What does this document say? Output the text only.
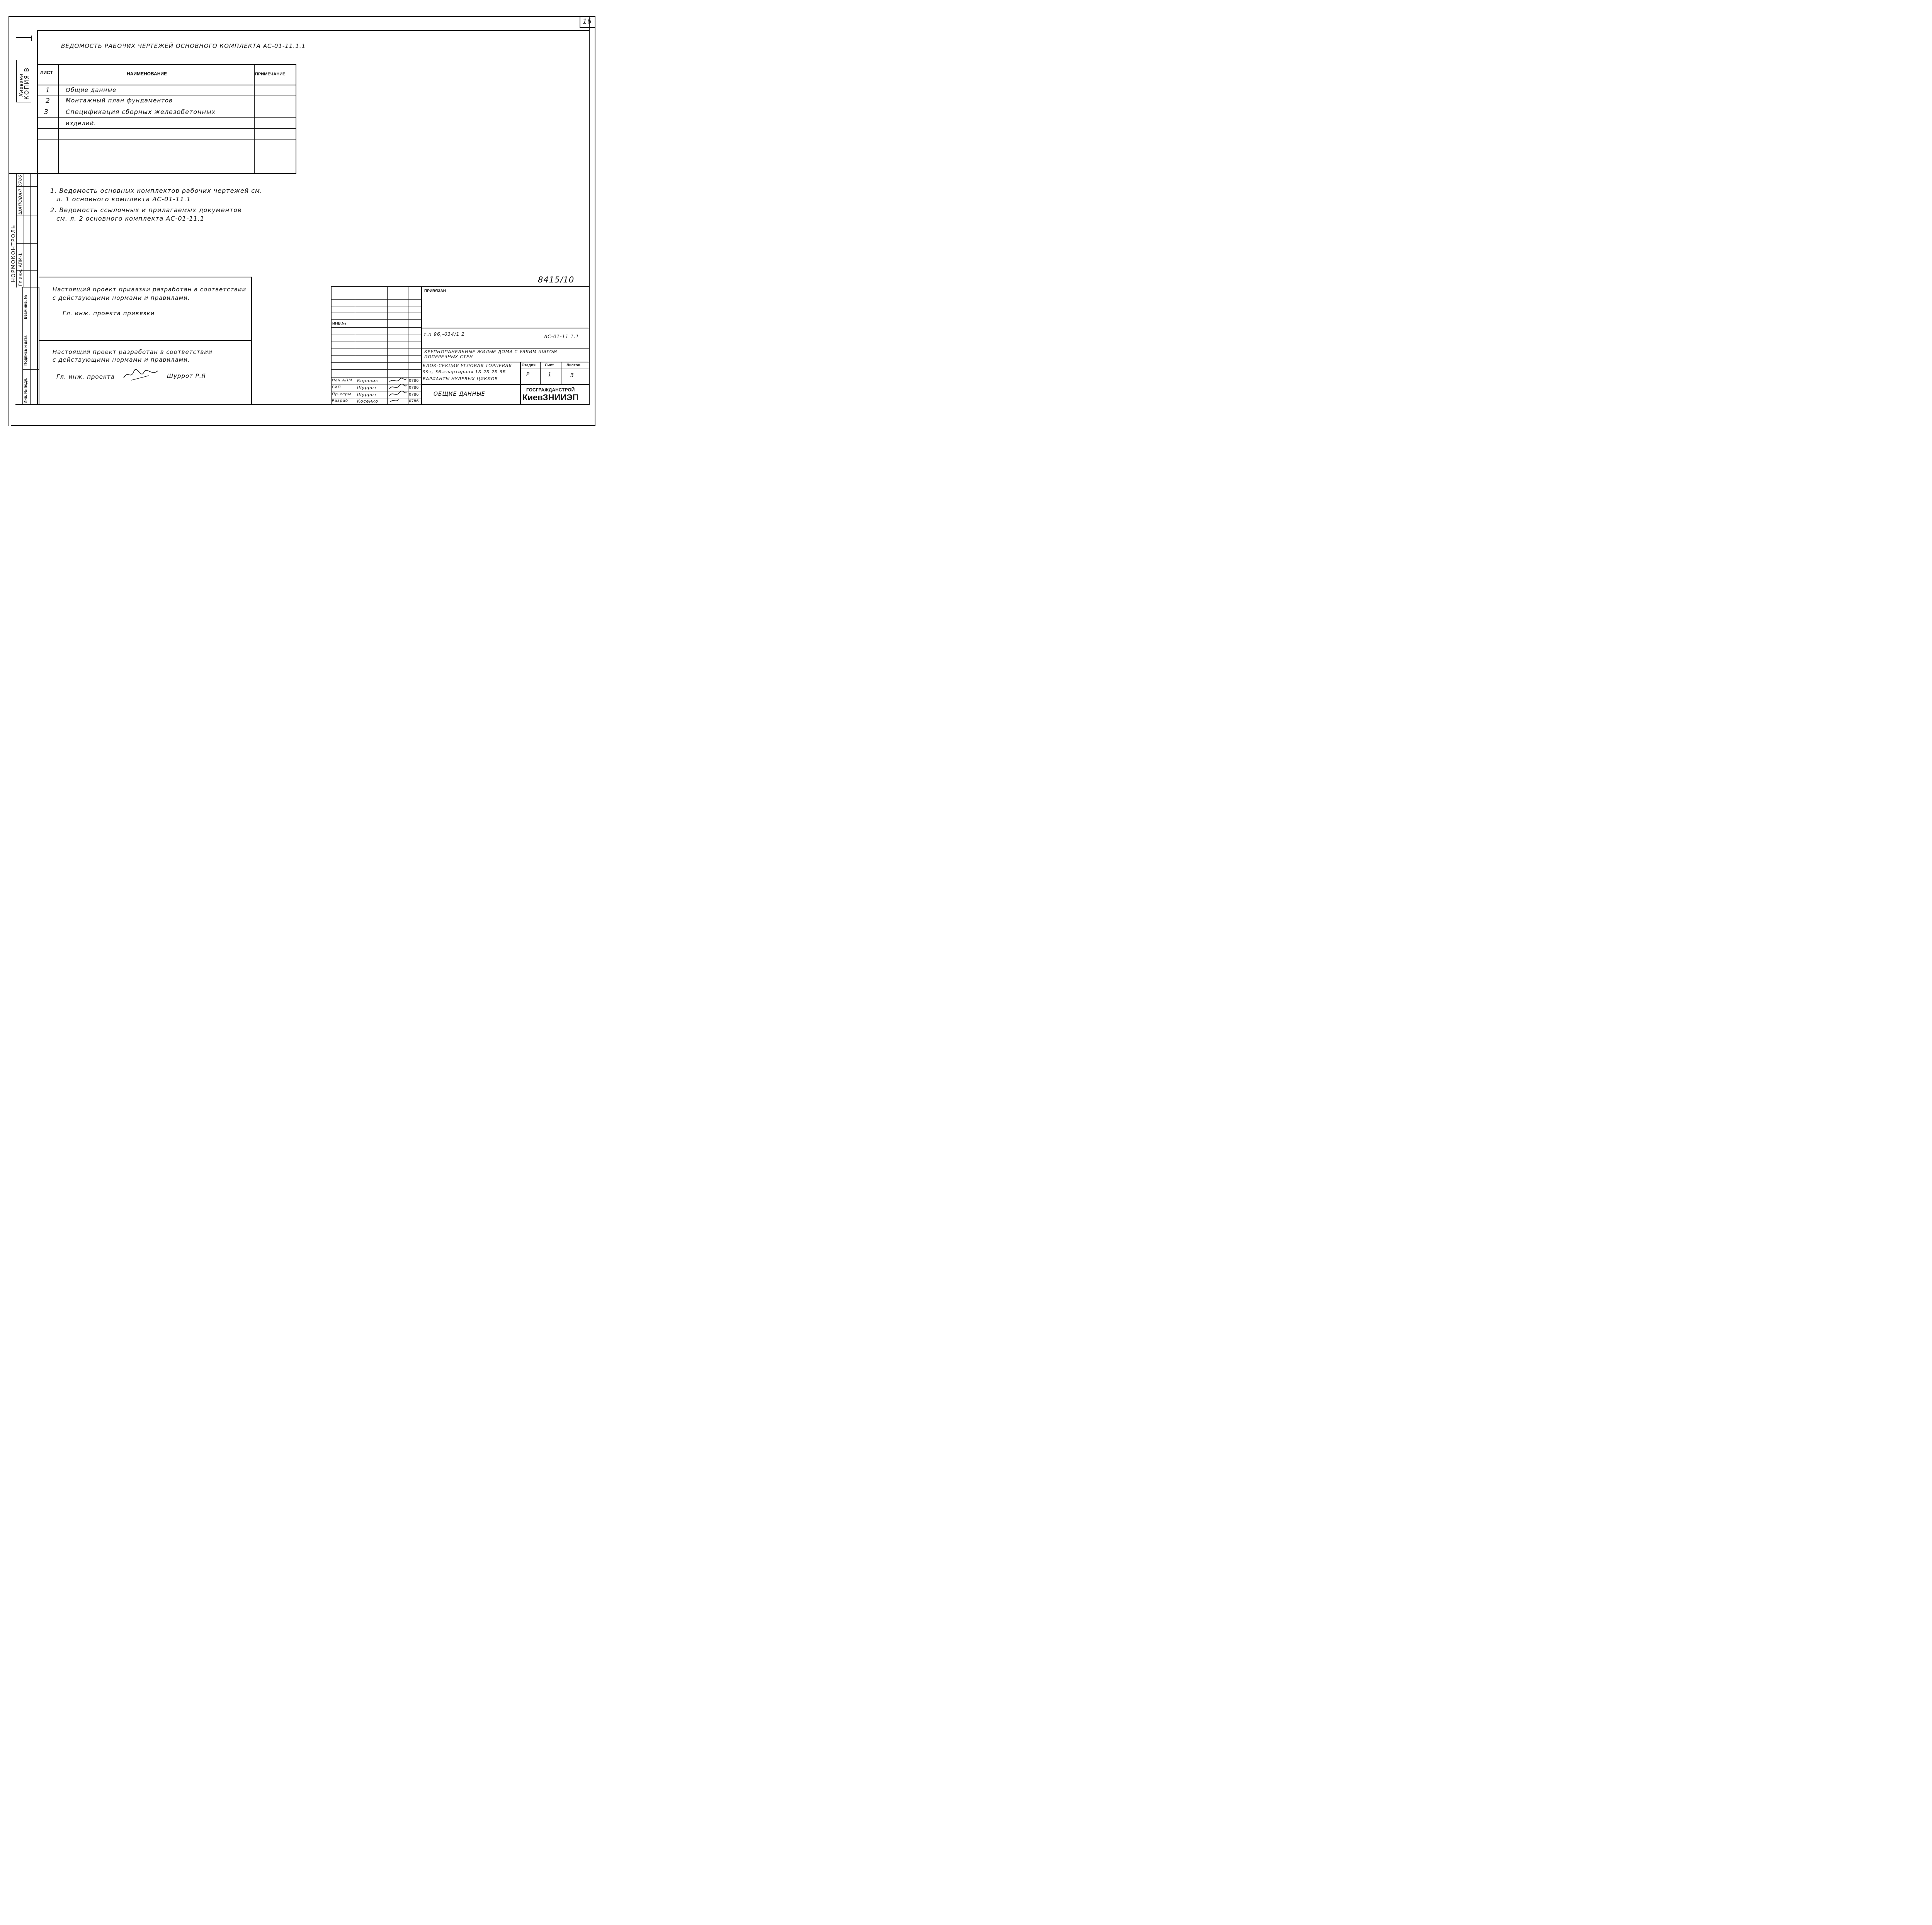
16
Киевэни
КОПИЯ В
НОРМОКОНТРОЛЬ Гл.инж. АПМ-1
ШАПОВАЛ 0786
Взам инв. №
Подпись и дата
Инв. № подл.
ВЕДОМОСТЬ РАБОЧИХ ЧЕРТЕЖЕЙ ОСНОВНОГО КОМПЛЕКТА АС-01-11.1.1
ЛИСТ	НАИМЕНОВАНИЕ	ПРИМЕЧАНИЕ
1	Общие данные
2	Монтажный план фундаментов
3	Спецификация сборных железобетонных
изделий.
1. Ведомость основных комплектов рабочих чертежей см.
л. 1 основного комплекта АС-01-11.1
2. Ведомость ссылочных и прилагаемых документов
см. л. 2 основного комплекта АС-01-11.1
Настоящий проект привязки разработан в соответствии
с действующими нормами и правилами.
Гл. инж. проекта привязки
Настоящий проект разработан в соответствии
с действующими нормами и правилами.
Гл. инж. проекта	Шуррот Р.Я
8415/10
ПРИВЯЗАН
ИНВ.№
т.п 96,-034/1 2	АС-01-11 1.1
КРУПНОПАНЕЛЬНЫЕ ЖИЛЫЕ ДОМА С УЗКИМ ШАГОМ ПОПЕРЕЧНЫХ СТЕН
БЛОК-СЕКЦИЯ УГЛОВАЯ ТОРЦЕВАЯ
99т, 36-квартирная 1Б 2Б 2Б 3Б
ВАРИАНТЫ НУЛЕВЫХ ЦИКЛОВ
ОБЩИЕ ДАННЫЕ
Стадия Лист	Листов
Р	1	3
ГОСГРАЖДАНСТРОЙ
КиевЗНИИЭП
Нач.АПМ Боровик	0786
ГИП	Шуррот	0786
Пр.керм Шуррот	0786
Разраб Косенко	0786
